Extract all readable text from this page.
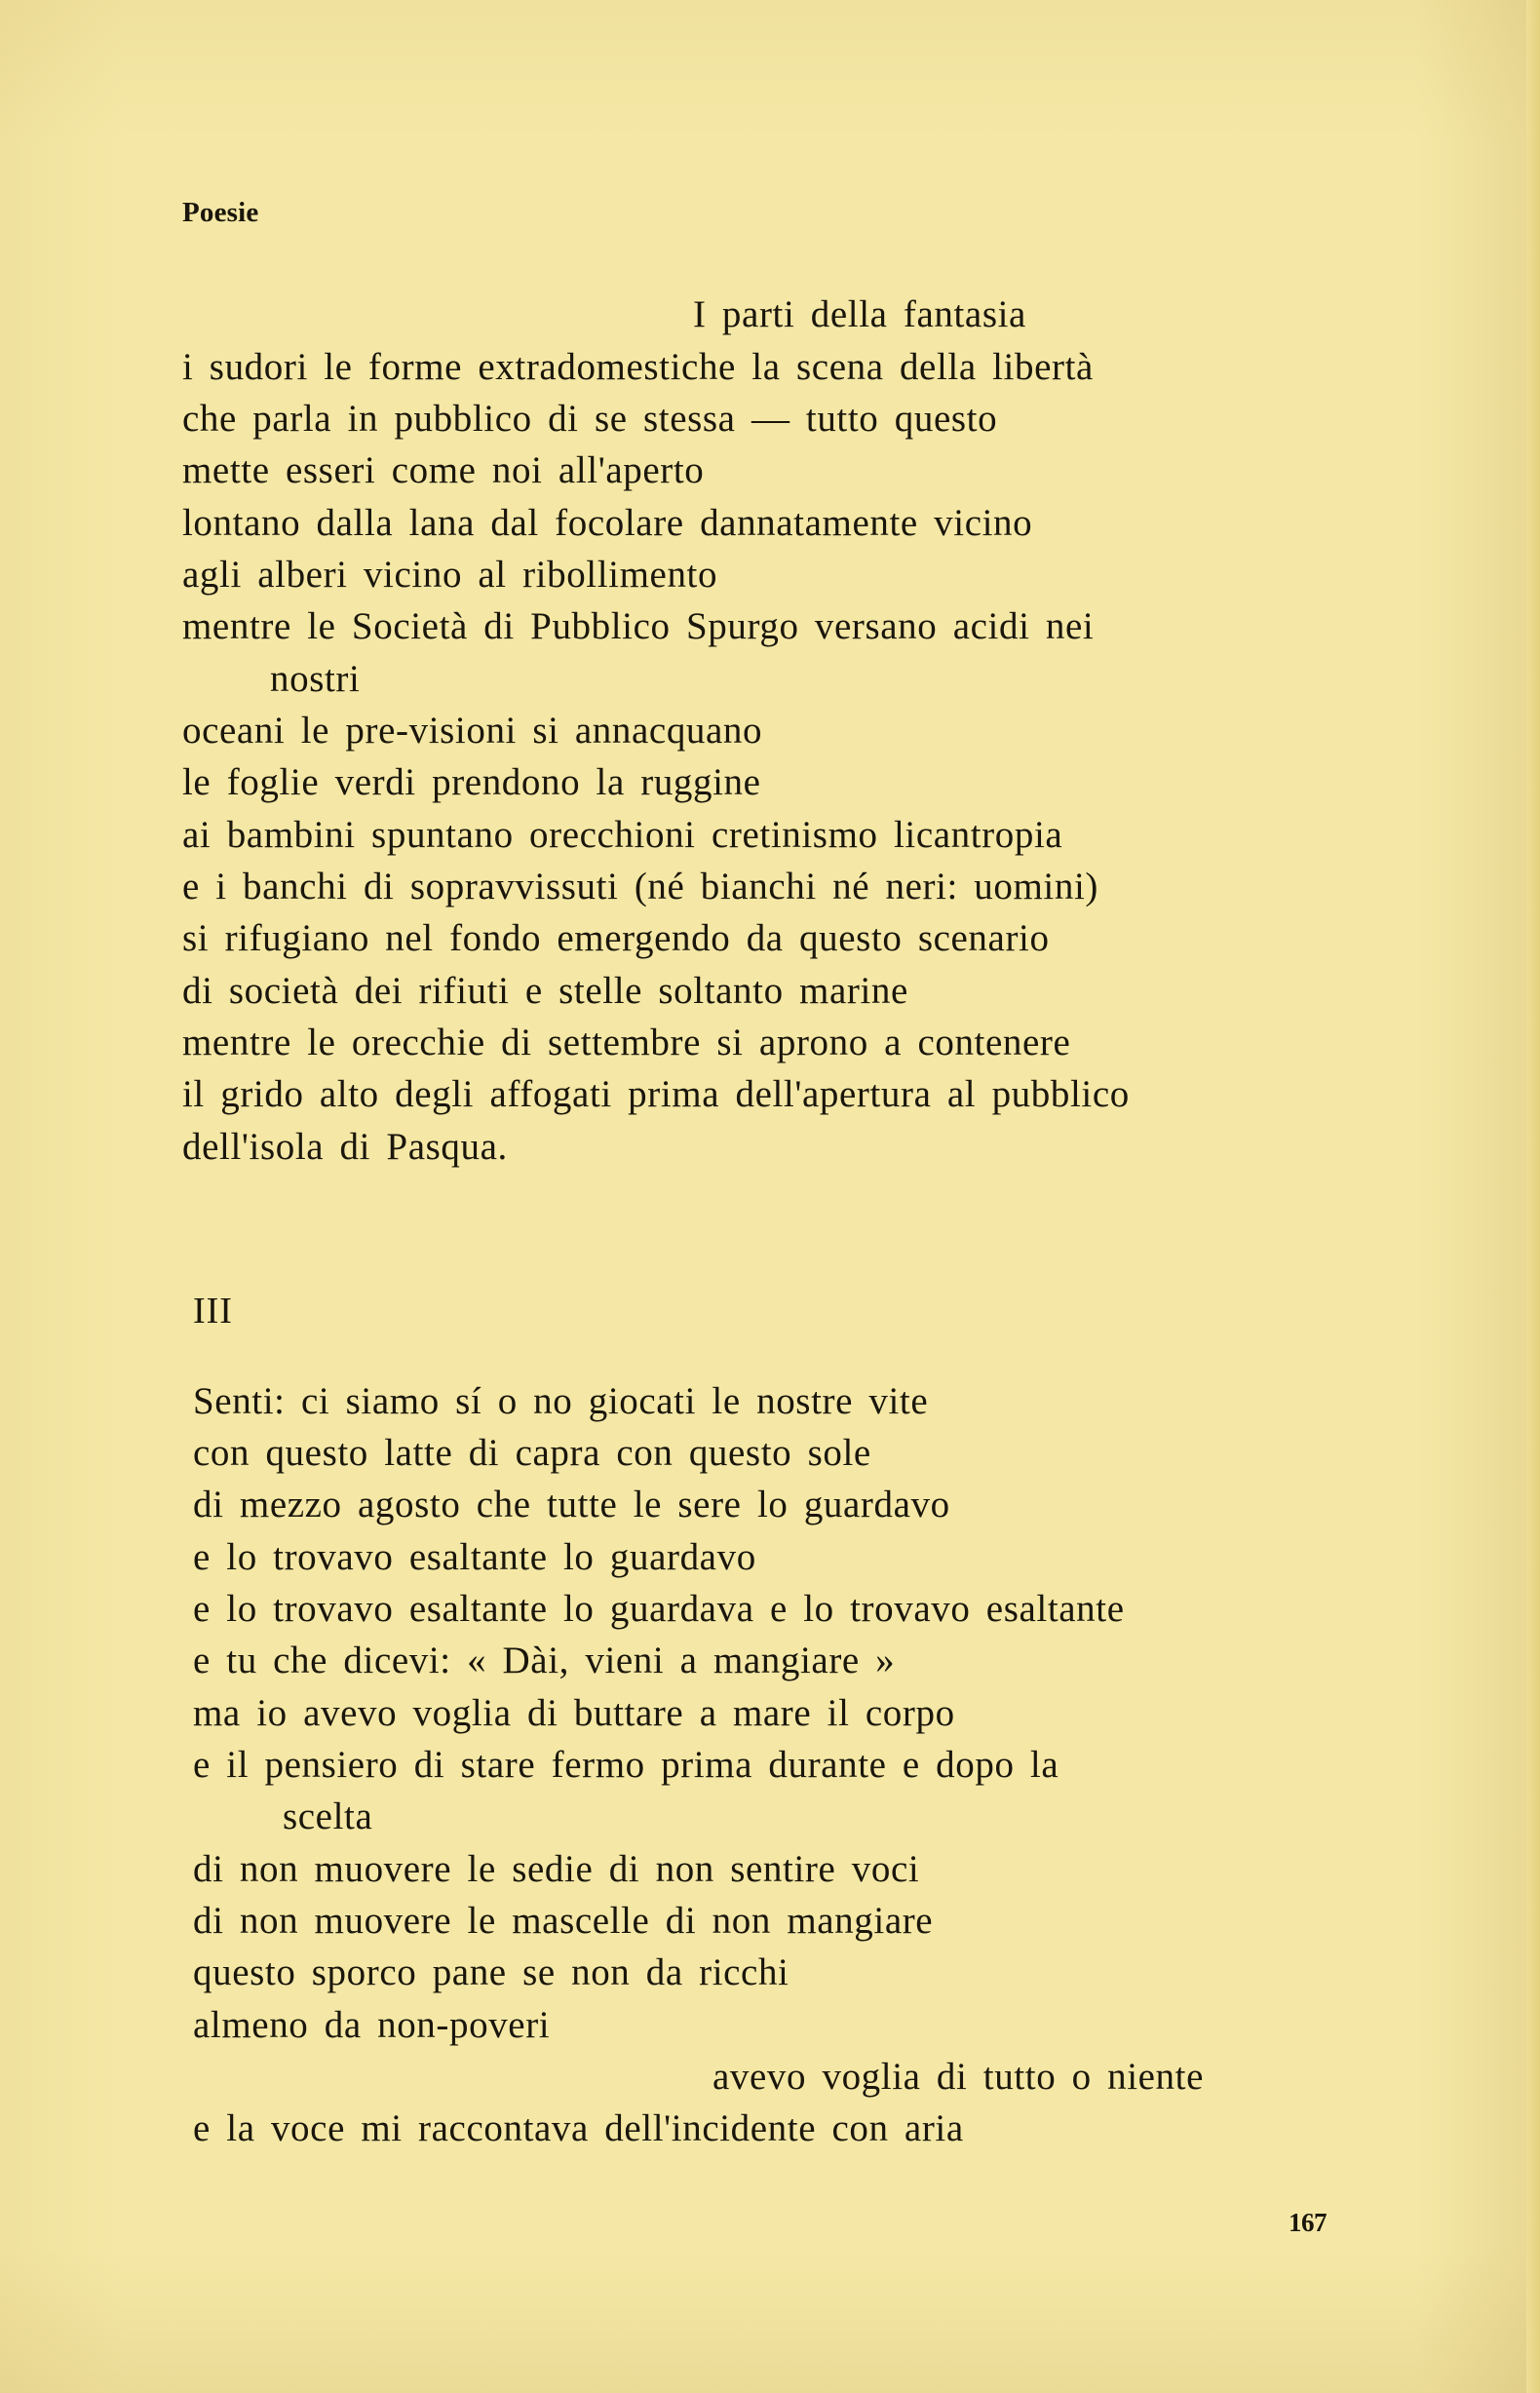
Poesie
I parti della fantasia
i sudori le forme extradomestiche la scena della libertà
che parla in pubblico di se stessa — tutto questo
mette esseri come noi all'aperto
lontano dalla lana dal focolare dannatamente vicino
agli alberi vicino al ribollimento
mentre le Società di Pubblico Spurgo versano acidi nei
nostri
oceani le pre-visioni si annacquano
le foglie verdi prendono la ruggine
ai bambini spuntano orecchioni cretinismo licantropia
e i banchi di sopravvissuti (né bianchi né neri: uomini)
si rifugiano nel fondo emergendo da questo scenario
di società dei rifiuti e stelle soltanto marine
mentre le orecchie di settembre si aprono a contenere
il grido alto degli affogati prima dell'apertura al pubblico
dell'isola di Pasqua.
III
Senti: ci siamo sí o no giocati le nostre vite
con questo latte di capra con questo sole
di mezzo agosto che tutte le sere lo guardavo
e lo trovavo esaltante lo guardavo
e lo trovavo esaltante lo guardava e lo trovavo esaltante
e tu che dicevi: « Dài, vieni a mangiare »
ma io avevo voglia di buttare a mare il corpo
e il pensiero di stare fermo prima durante e dopo la
scelta
di non muovere le sedie di non sentire voci
di non muovere le mascelle di non mangiare
questo sporco pane se non da ricchi
almeno da non-poveri
avevo voglia di tutto o niente
e la voce mi raccontava dell'incidente con aria
167
